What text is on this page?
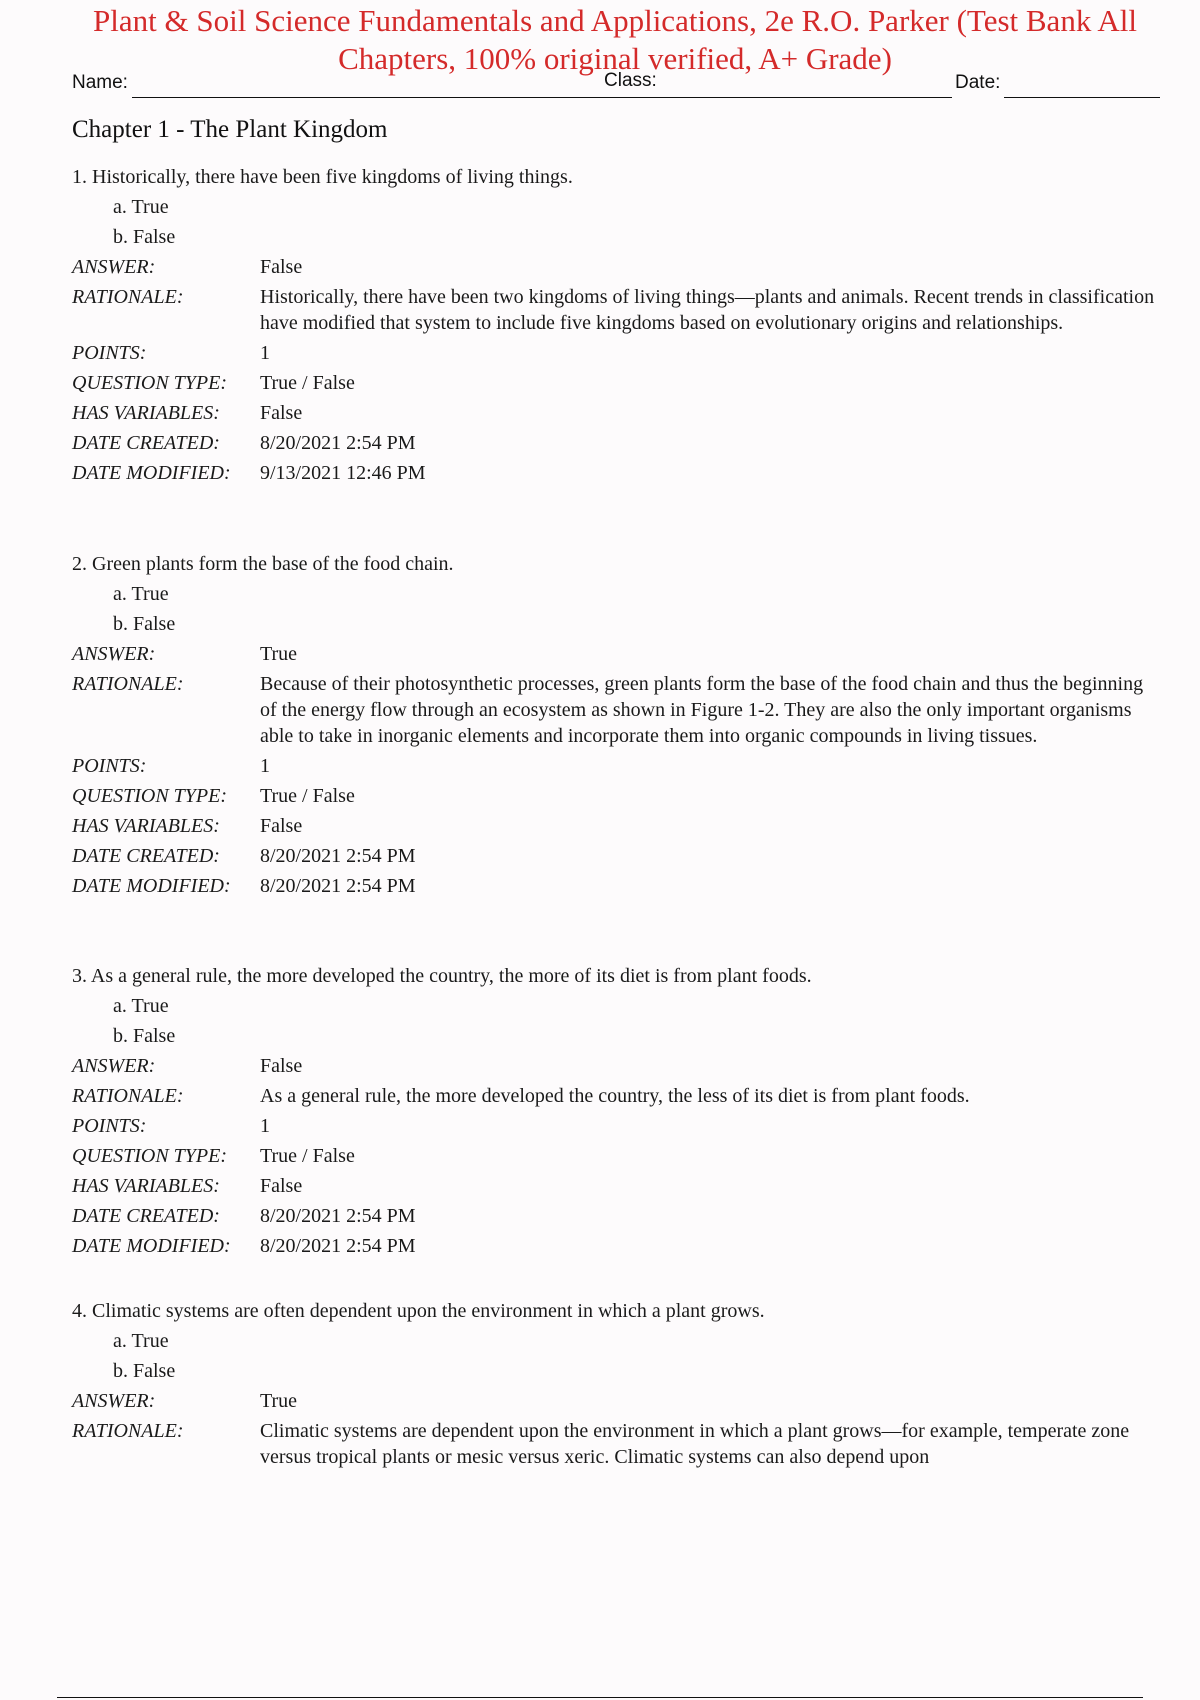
Plant & Soil Science Fundamentals and Applications, 2e R.O. Parker (Test Bank All Chapters, 100% original verified, A+ Grade)
Name:	Class:	Date:
Chapter 1 - The Plant Kingdom
1. Historically, there have been five kingdoms of living things.
a. True
b. False
ANSWER:	False
RATIONALE:	Historically, there have been two kingdoms of living things—plants and animals. Recent trends in classification have modified that system to include five kingdoms based on evolutionary origins and relationships.
POINTS:	1
QUESTION TYPE:	True / False
HAS VARIABLES:	False
DATE CREATED:	8/20/2021 2:54 PM
DATE MODIFIED:	9/13/2021 12:46 PM
2. Green plants form the base of the food chain.
a. True
b. False
ANSWER:	True
RATIONALE:	Because of their photosynthetic processes, green plants form the base of the food chain and thus the beginning of the energy flow through an ecosystem as shown in Figure 1-2. They are also the only important organisms able to take in inorganic elements and incorporate them into organic compounds in living tissues.
POINTS:	1
QUESTION TYPE:	True / False
HAS VARIABLES:	False
DATE CREATED:	8/20/2021 2:54 PM
DATE MODIFIED:	8/20/2021 2:54 PM
3. As a general rule, the more developed the country, the more of its diet is from plant foods.
a. True
b. False
ANSWER:	False
RATIONALE:	As a general rule, the more developed the country, the less of its diet is from plant foods.
POINTS:	1
QUESTION TYPE:	True / False
HAS VARIABLES:	False
DATE CREATED:	8/20/2021 2:54 PM
DATE MODIFIED:	8/20/2021 2:54 PM
4. Climatic systems are often dependent upon the environment in which a plant grows.
a. True
b. False
ANSWER:	True
RATIONALE:	Climatic systems are dependent upon the environment in which a plant grows—for example, temperate zone versus tropical plants or mesic versus xeric. Climatic systems can also depend upon
